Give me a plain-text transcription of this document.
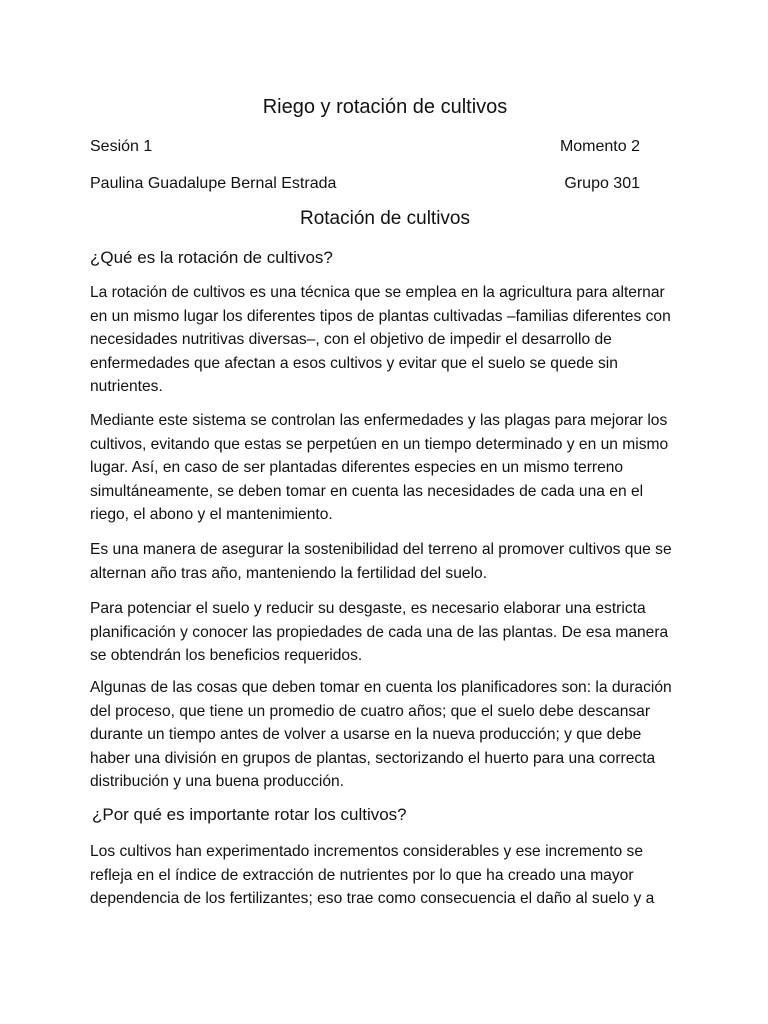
Riego y rotación de cultivos
Sesión 1	Momento 2
Paulina Guadalupe Bernal Estrada	Grupo 301
Rotación de cultivos
¿Qué es la rotación de cultivos?

La rotación de cultivos es una técnica que se emplea en la agricultura para alternar en un mismo lugar los diferentes tipos de plantas cultivadas –familias diferentes con necesidades nutritivas diversas–, con el objetivo de impedir el desarrollo de enfermedades que afectan a esos cultivos y evitar que el suelo se quede sin nutrientes.

Mediante este sistema se controlan las enfermedades y las plagas para mejorar los cultivos, evitando que estas se perpetúen en un tiempo determinado y en un mismo lugar. Así, en caso de ser plantadas diferentes especies en un mismo terreno simultáneamente, se deben tomar en cuenta las necesidades de cada una en el riego, el abono y el mantenimiento.

Es una manera de asegurar la sostenibilidad del terreno al promover cultivos que se alternan año tras año, manteniendo la fertilidad del suelo.

Para potenciar el suelo y reducir su desgaste, es necesario elaborar una estricta planificación y conocer las propiedades de cada una de las plantas. De esa manera se obtendrán los beneficios requeridos.

Algunas de las cosas que deben tomar en cuenta los planificadores son: la duración del proceso, que tiene un promedio de cuatro años; que el suelo debe descansar durante un tiempo antes de volver a usarse en la nueva producción; y que debe haber una división en grupos de plantas, sectorizando el huerto para una correcta distribución y una buena producción.

¿Por qué es importante rotar los cultivos?

Los cultivos han experimentado incrementos considerables y ese incremento se refleja en el índice de extracción de nutrientes por lo que ha creado una mayor dependencia de los fertilizantes; eso trae como consecuencia el daño al suelo y a
